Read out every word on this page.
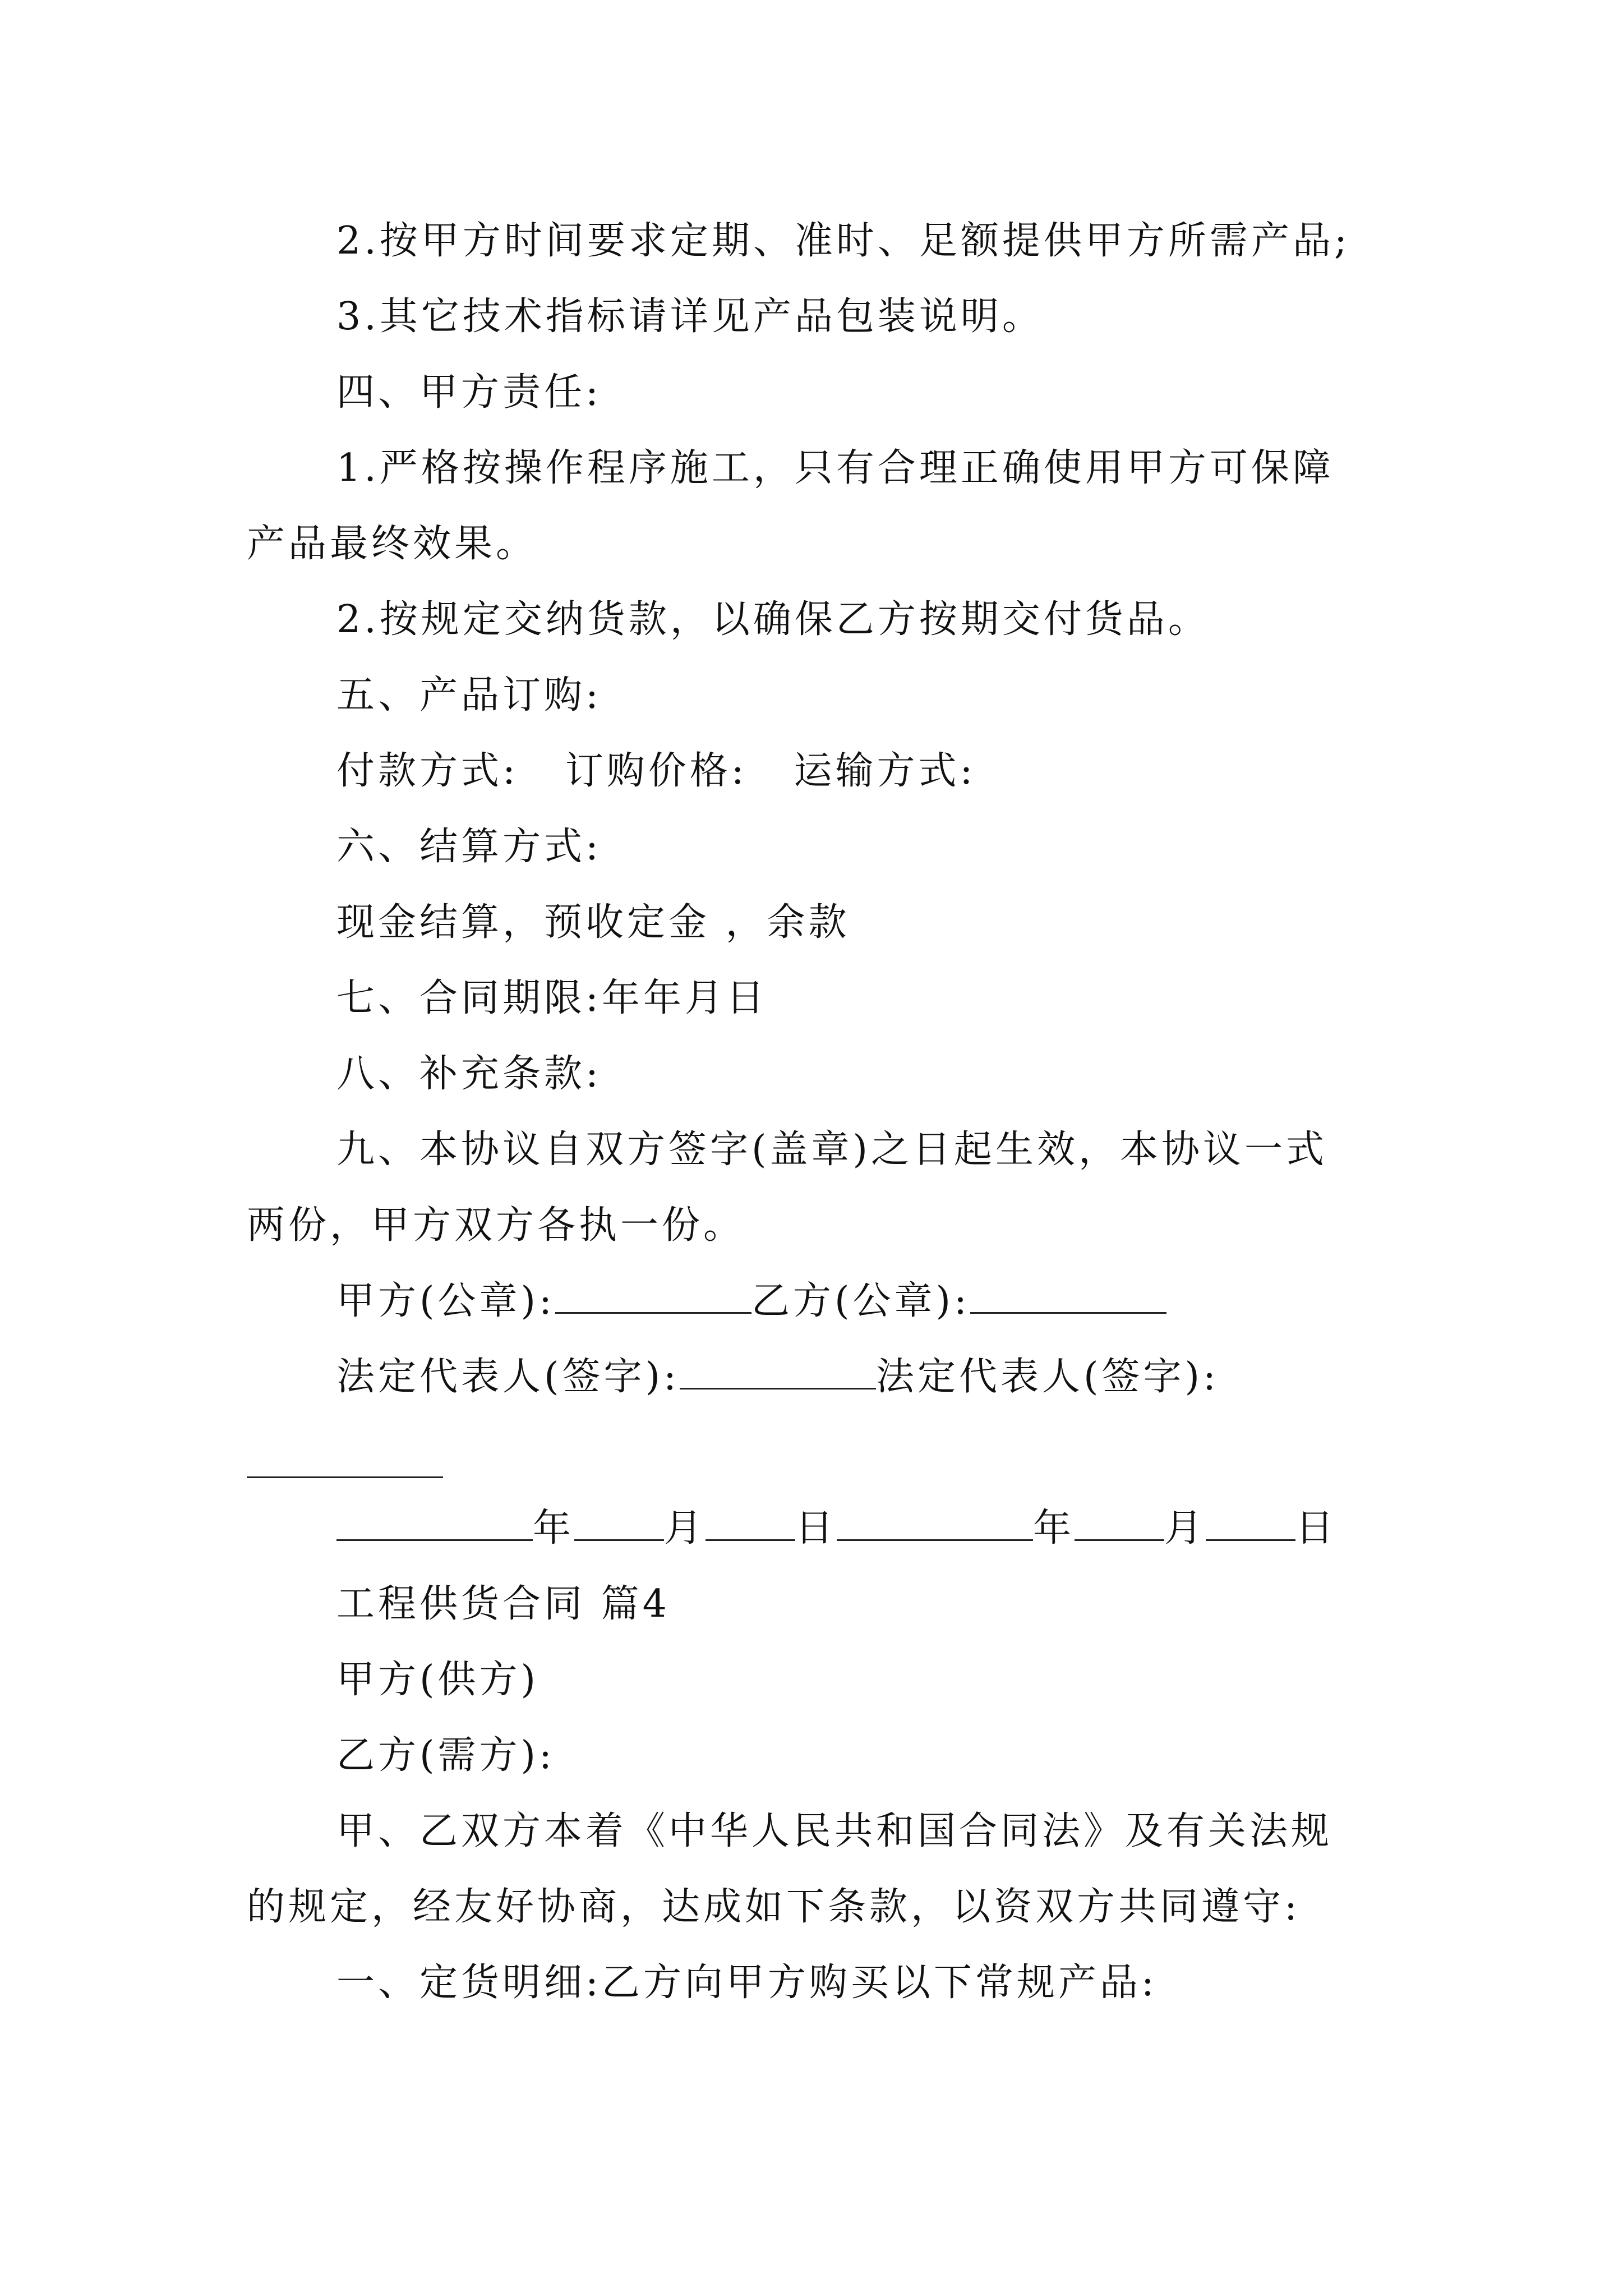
2.按甲方时间要求定期、准时、足额提供甲方所需产品;
3.其它技术指标请详见产品包装说明。
四、甲方责任:
1.严格按操作程序施工，只有合理正确使用甲方可保障
产品最终效果。
2.按规定交纳货款，以确保乙方按期交付货品。
五、产品订购:
付款方式:   订购价格:   运输方式:
六、结算方式:
现金结算，预收定金 ，余款
七、合同期限:年年月日
八、补充条款:
九、本协议自双方签字(盖章)之日起生效，本协议一式
两份，甲方双方各执一份。
甲方(公章):	乙方(公章):
法定代表人(签字):	法定代表人(签字):
年 月 日	年 月 日
工程供货合同 篇4
甲方(供方)
乙方(需方):
甲、乙双方本着《中华人民共和国合同法》及有关法规
的规定，经友好协商，达成如下条款，以资双方共同遵守:
一、定货明细:乙方向甲方购买以下常规产品:
